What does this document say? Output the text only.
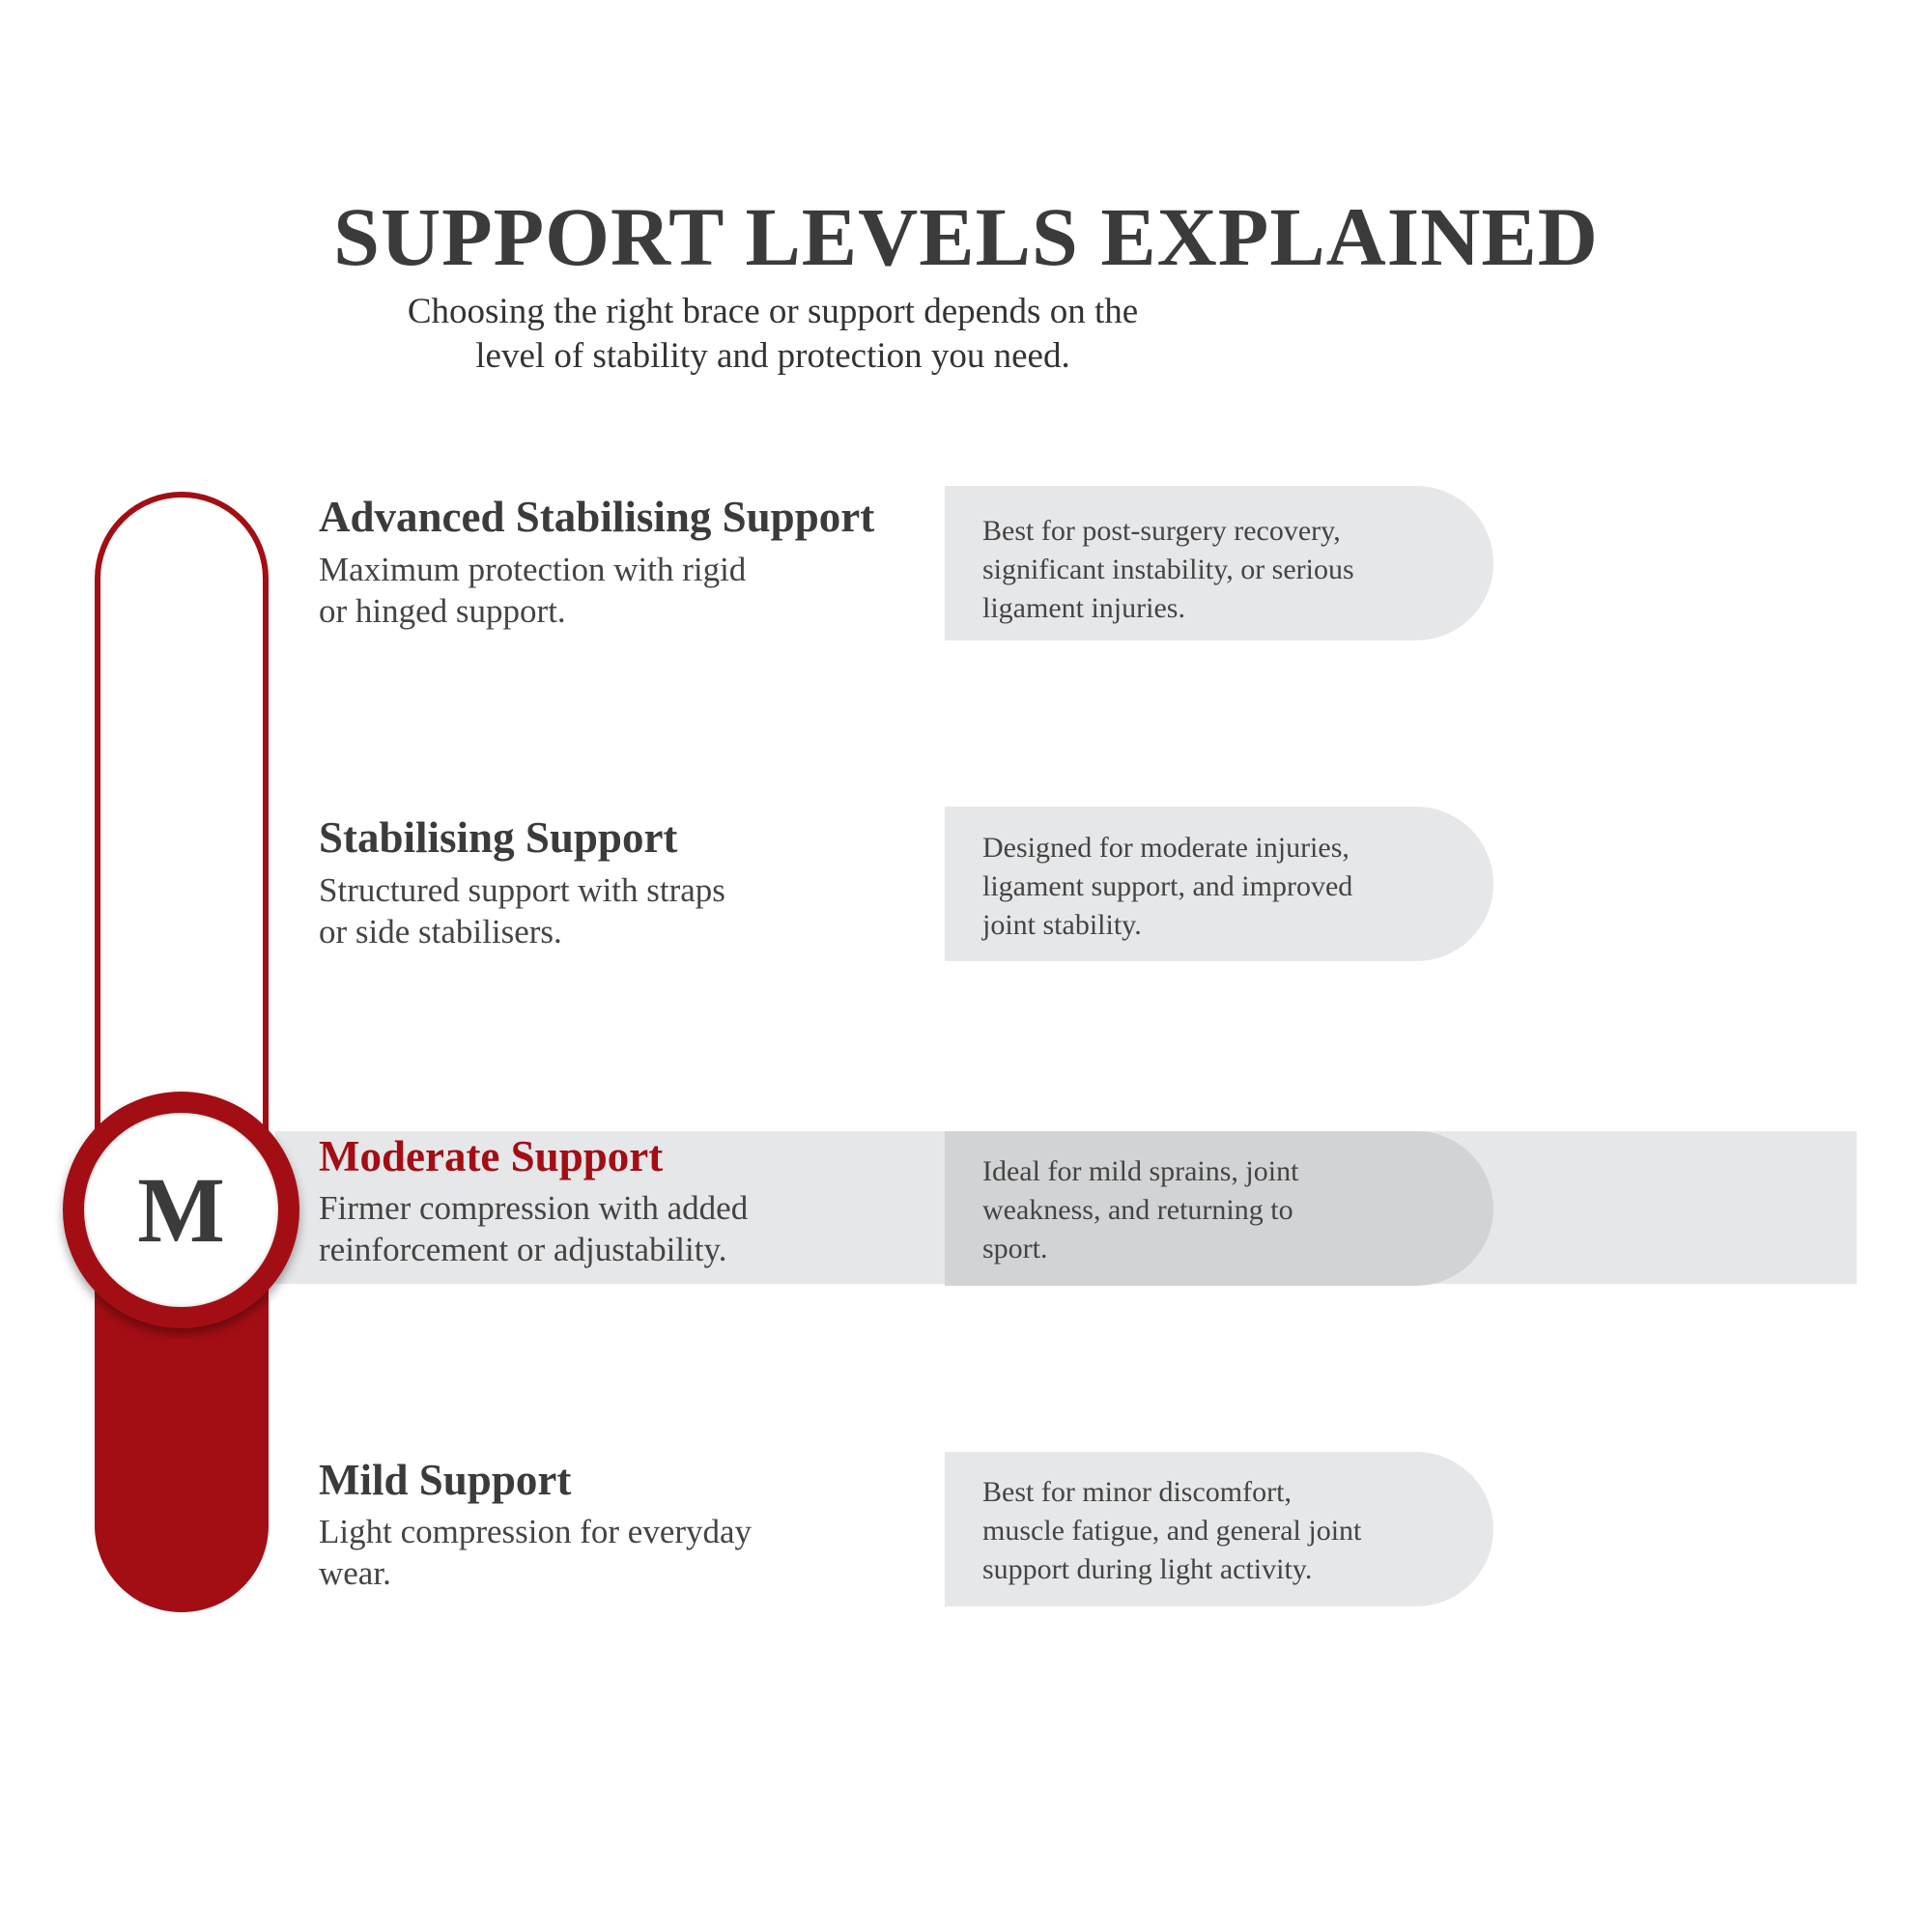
SUPPORT LEVELS EXPLAINED
Choosing the right brace or support depends on the
level of stability and protection you need.
M
Advanced Stabilising Support
Maximum protection with rigid
or hinged support.
Best for post-surgery recovery,
significant instability, or serious
ligament injuries.
Stabilising Support
Structured support with straps
or side stabilisers.
Designed for moderate injuries,
ligament support, and improved
joint stability.
Moderate Support
Firmer compression with added
reinforcement or adjustability.
Ideal for mild sprains, joint
weakness, and returning to
sport.
Mild Support
Light compression for everyday
wear.
Best for minor discomfort,
muscle fatigue, and general joint
support during light activity.
